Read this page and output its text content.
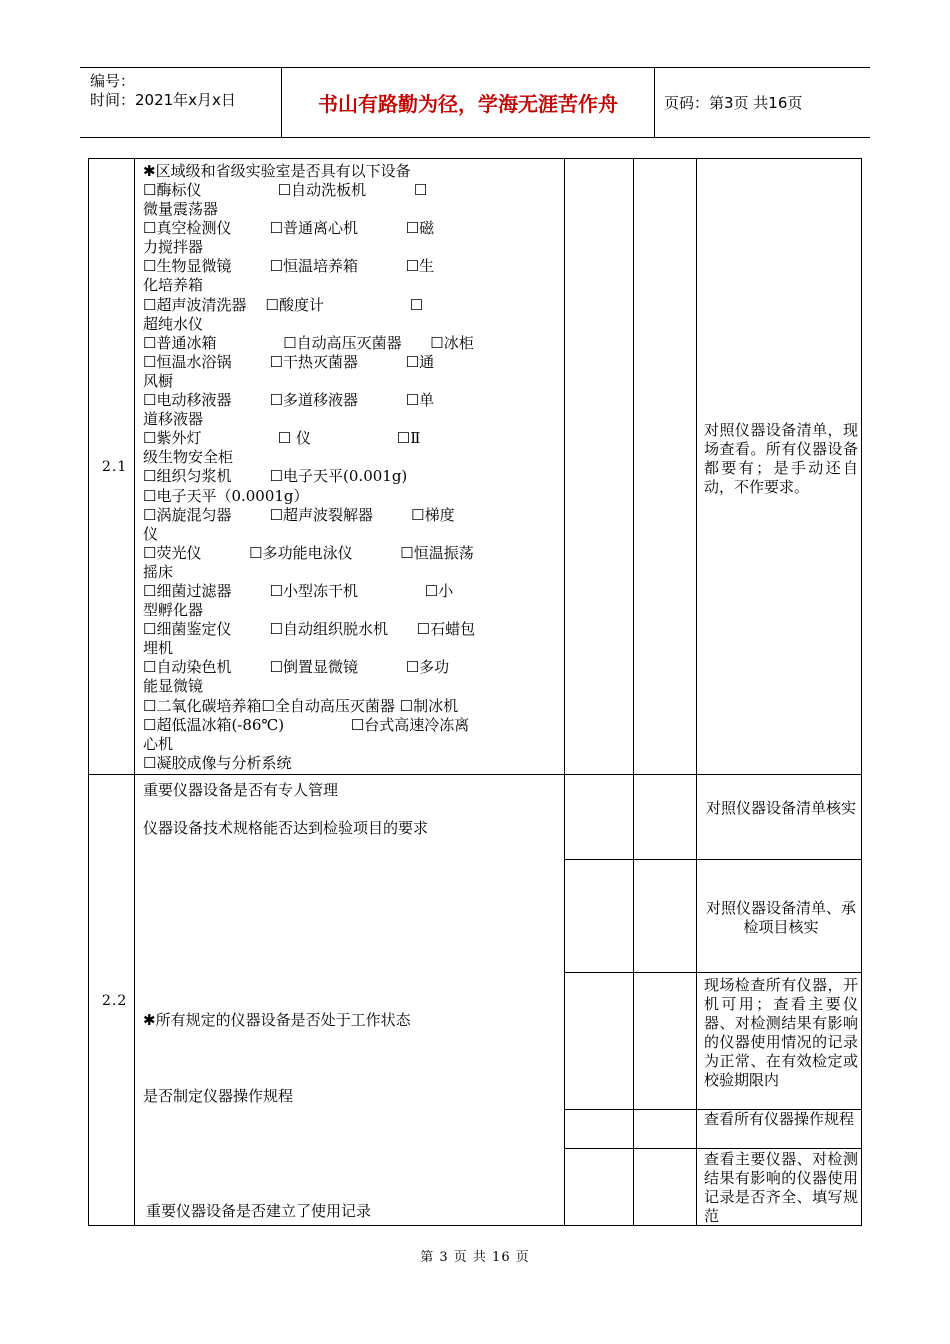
编号：
时间：2021年x月x日	书山有路勤为径，学海无涯苦作舟	页码：第3页 共16页
2.1
✱区域级和省级实验室是否具有以下设备
☐酶标仪                ☐自动洗板机          ☐
微量震荡器
☐真空检测仪        ☐普通离心机          ☐磁
力搅拌器
☐生物显微镜        ☐恒温培养箱          ☐生
化培养箱
☐超声波清洗器    ☐酸度计                  ☐
超纯水仪
☐普通冰箱              ☐自动高压灭菌器      ☐冰柜
☐恒温水浴锅        ☐干热灭菌器          ☐通
风橱
☐电动移液器        ☐多道移液器          ☐单
道移液器
☐紫外灯                ☐ 仪                  ☐Ⅱ
级生物安全柜
☐组织匀浆机        ☐电子天平(0.001g)
☐电子天平（0.0001g）
☐涡旋混匀器        ☐超声波裂解器        ☐梯度
仪
☐荧光仪          ☐多功能电泳仪          ☐恒温振荡
摇床
☐细菌过滤器        ☐小型冻干机              ☐小
型孵化器
☐细菌鉴定仪        ☐自动组织脱水机      ☐石蜡包
埋机
☐自动染色机        ☐倒置显微镜          ☐多功
能显微镜
☐二氧化碳培养箱☐全自动高压灭菌器 ☐制冰机
☐超低温冰箱(-86℃)              ☐台式高速冷冻离
心机
☐凝胶成像与分析系统
对照仪器设备清单，现场查看。所有仪器设备都要有；是手动还自动，不作要求。
2.2
重要仪器设备是否有专人管理
仪器设备技术规格能否达到检验项目的要求
✱所有规定的仪器设备是否处于工作状态
是否制定仪器操作规程
重要仪器设备是否建立了使用记录
对照仪器设备清单核实
对照仪器设备清单、承检项目核实
现场检查所有仪器，开机可用；查看主要仪器、对检测结果有影响的仪器使用情况的记录为正常、在有效检定或校验期限内
查看所有仪器操作规程
查看主要仪器、对检测结果有影响的仪器使用记录是否齐全、填写规范
第 3 页 共 16 页
